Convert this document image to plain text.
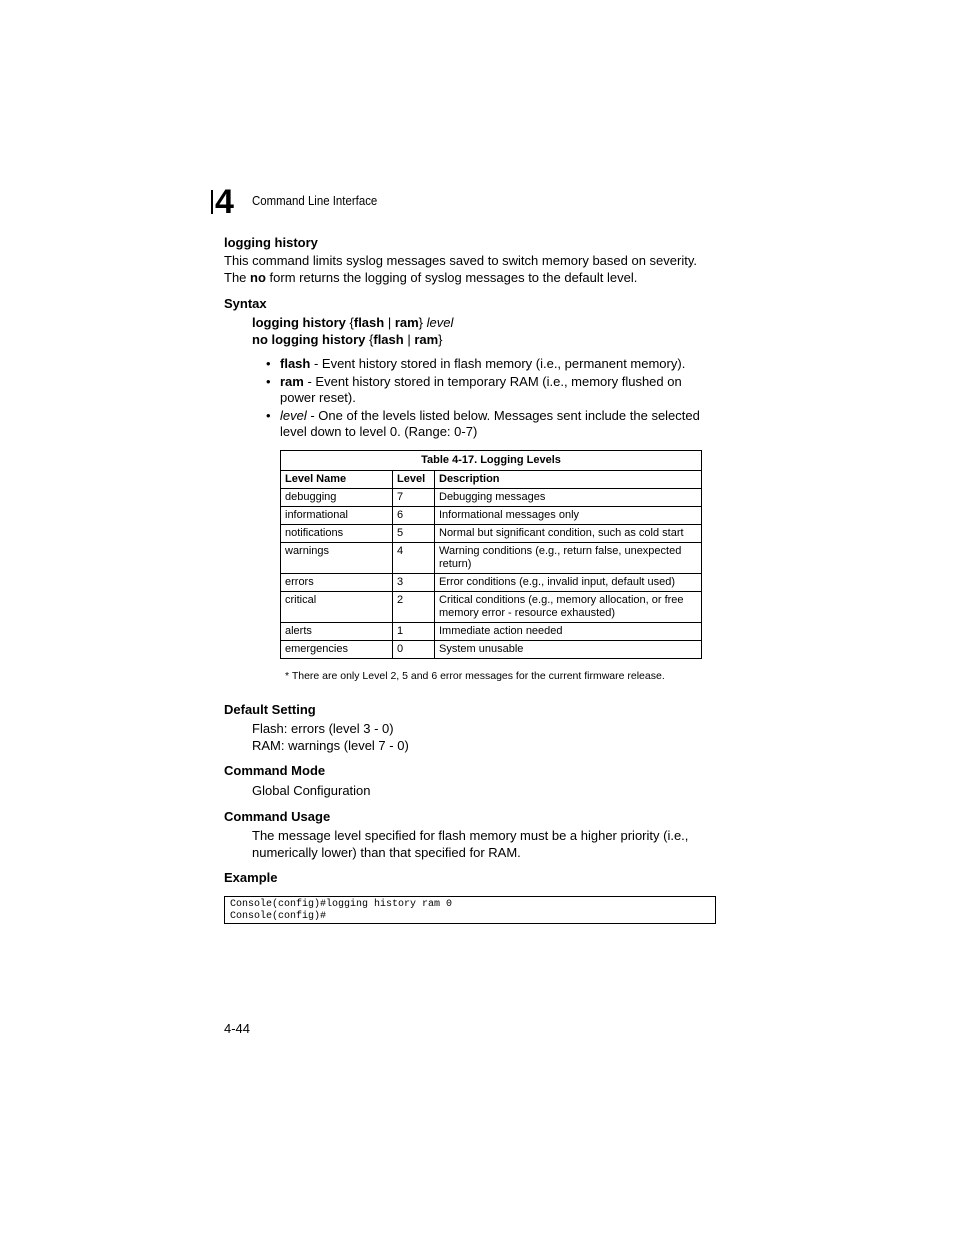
4 Command Line Interface
logging history
This command limits syslog messages saved to switch memory based on severity.
The no form returns the logging of syslog messages to the default level.
Syntax
logging history {flash | ram} level
no logging history {flash | ram}
• flash - Event history stored in flash memory (i.e., permanent memory).
• ram - Event history stored in temporary RAM (i.e., memory flushed on power reset).
• level - One of the levels listed below. Messages sent include the selected level down to level 0. (Range: 0-7)
Table 4-17. Logging Levels		
Level Name	Level	Description
debugging	7	Debugging messages
informational	6	Informational messages only
notifications	5	Normal but significant condition, such as cold start
warnings	4	Warning conditions (e.g., return false, unexpected return)
errors	3	Error conditions (e.g., invalid input, default used)
critical	2	Critical conditions (e.g., memory allocation, or free memory error - resource exhausted)
alerts	1	Immediate action needed
emergencies	0	System unusable
* There are only Level 2, 5 and 6 error messages for the current firmware release.
Default Setting
Flash: errors (level 3 - 0)
RAM: warnings (level 7 - 0)
Command Mode
Global Configuration
Command Usage
The message level specified for flash memory must be a higher priority (i.e., numerically lower) than that specified for RAM.
Example
Console(config)#logging history ram 0
Console(config)#
4-44
